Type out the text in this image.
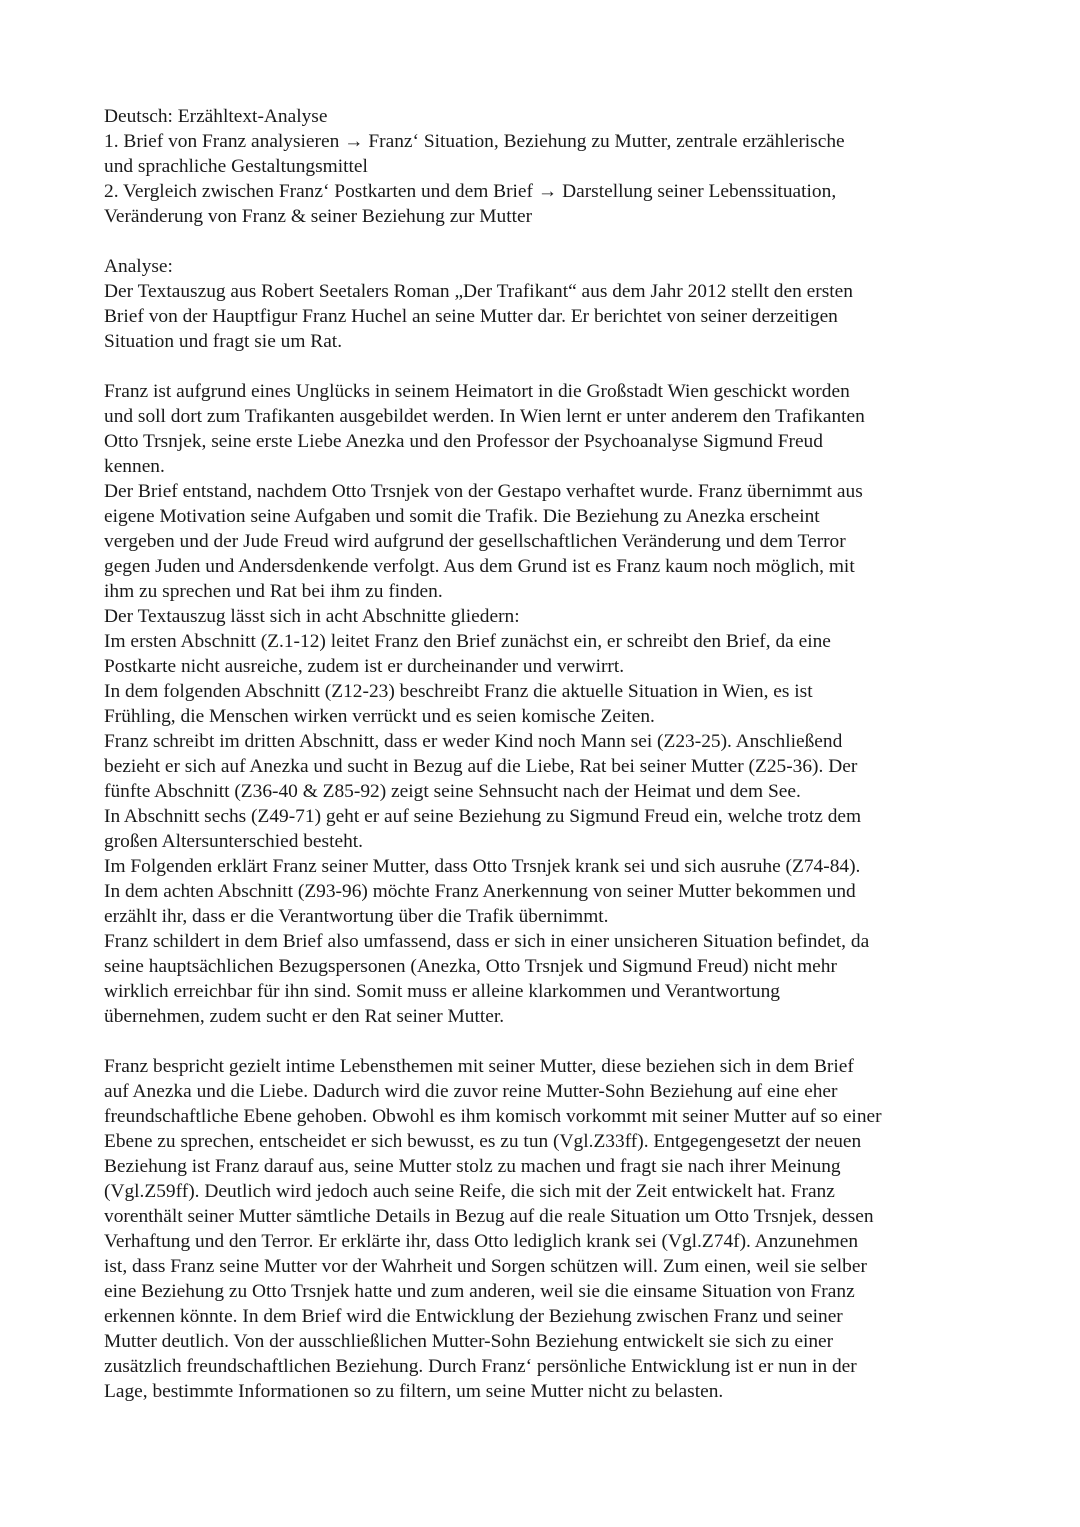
Deutsch: Erzähltext-Analyse
1. Brief von Franz analysieren → Franz‘ Situation, Beziehung zu Mutter, zentrale erzählerische
und sprachliche Gestaltungsmittel
2. Vergleich zwischen Franz‘ Postkarten und dem Brief → Darstellung seiner Lebenssituation,
Veränderung von Franz & seiner Beziehung zur Mutter
Analyse:
Der Textauszug aus Robert Seetalers Roman „Der Trafikant“ aus dem Jahr 2012 stellt den ersten
Brief von der Hauptfigur Franz Huchel an seine Mutter dar. Er berichtet von seiner derzeitigen
Situation und fragt sie um Rat.
Franz ist aufgrund eines Unglücks in seinem Heimatort in die Großstadt Wien geschickt worden
und soll dort zum Trafikanten ausgebildet werden. In Wien lernt er unter anderem den Trafikanten
Otto Trsnjek, seine erste Liebe Anezka und den Professor der Psychoanalyse Sigmund Freud
kennen.
Der Brief entstand, nachdem Otto Trsnjek von der Gestapo verhaftet wurde. Franz übernimmt aus
eigene Motivation seine Aufgaben und somit die Trafik. Die Beziehung zu Anezka erscheint
vergeben und der Jude Freud wird aufgrund der gesellschaftlichen Veränderung und dem Terror
gegen Juden und Andersdenkende verfolgt. Aus dem Grund ist es Franz kaum noch möglich, mit
ihm zu sprechen und Rat bei ihm zu finden.
Der Textauszug lässt sich in acht Abschnitte gliedern:
Im ersten Abschnitt (Z.1-12) leitet Franz den Brief zunächst ein, er schreibt den Brief, da eine
Postkarte nicht ausreiche, zudem ist er durcheinander und verwirrt.
In dem folgenden Abschnitt (Z12-23) beschreibt Franz die aktuelle Situation in Wien, es ist
Frühling, die Menschen wirken verrückt und es seien komische Zeiten.
Franz schreibt im dritten Abschnitt, dass er weder Kind noch Mann sei (Z23-25). Anschließend
bezieht er sich auf Anezka und sucht in Bezug auf die Liebe, Rat bei seiner Mutter (Z25-36). Der
fünfte Abschnitt (Z36-40 & Z85-92) zeigt seine Sehnsucht nach der Heimat und dem See.
In Abschnitt sechs (Z49-71) geht er auf seine Beziehung zu Sigmund Freud ein, welche trotz dem
großen Altersunterschied besteht.
Im Folgenden erklärt Franz seiner Mutter, dass Otto Trsnjek krank sei und sich ausruhe (Z74-84).
In dem achten Abschnitt (Z93-96) möchte Franz Anerkennung von seiner Mutter bekommen und
erzählt ihr, dass er die Verantwortung über die Trafik übernimmt.
Franz schildert in dem Brief also umfassend, dass er sich in einer unsicheren Situation befindet, da
seine hauptsächlichen Bezugspersonen (Anezka, Otto Trsnjek und Sigmund Freud) nicht mehr
wirklich erreichbar für ihn sind. Somit muss er alleine klarkommen und Verantwortung
übernehmen, zudem sucht er den Rat seiner Mutter.
Franz bespricht gezielt intime Lebensthemen mit seiner Mutter, diese beziehen sich in dem Brief
auf Anezka und die Liebe. Dadurch wird die zuvor reine Mutter-Sohn Beziehung auf eine eher
freundschaftliche Ebene gehoben. Obwohl es ihm komisch vorkommt mit seiner Mutter auf so einer
Ebene zu sprechen, entscheidet er sich bewusst, es zu tun (Vgl.Z33ff). Entgegengesetzt der neuen
Beziehung ist Franz darauf aus, seine Mutter stolz zu machen und fragt sie nach ihrer Meinung
(Vgl.Z59ff). Deutlich wird jedoch auch seine Reife, die sich mit der Zeit entwickelt hat. Franz
vorenthält seiner Mutter sämtliche Details in Bezug auf die reale Situation um Otto Trsnjek, dessen
Verhaftung und den Terror. Er erklärte ihr, dass Otto lediglich krank sei (Vgl.Z74f). Anzunehmen
ist, dass Franz seine Mutter vor der Wahrheit und Sorgen schützen will. Zum einen, weil sie selber
eine Beziehung zu Otto Trsnjek hatte und zum anderen, weil sie die einsame Situation von Franz
erkennen könnte. In dem Brief wird die Entwicklung der Beziehung zwischen Franz und seiner
Mutter deutlich. Von der ausschließlichen Mutter-Sohn Beziehung entwickelt sie sich zu einer
zusätzlich freundschaftlichen Beziehung. Durch Franz‘ persönliche Entwicklung ist er nun in der
Lage, bestimmte Informationen so zu filtern, um seine Mutter nicht zu belasten.
